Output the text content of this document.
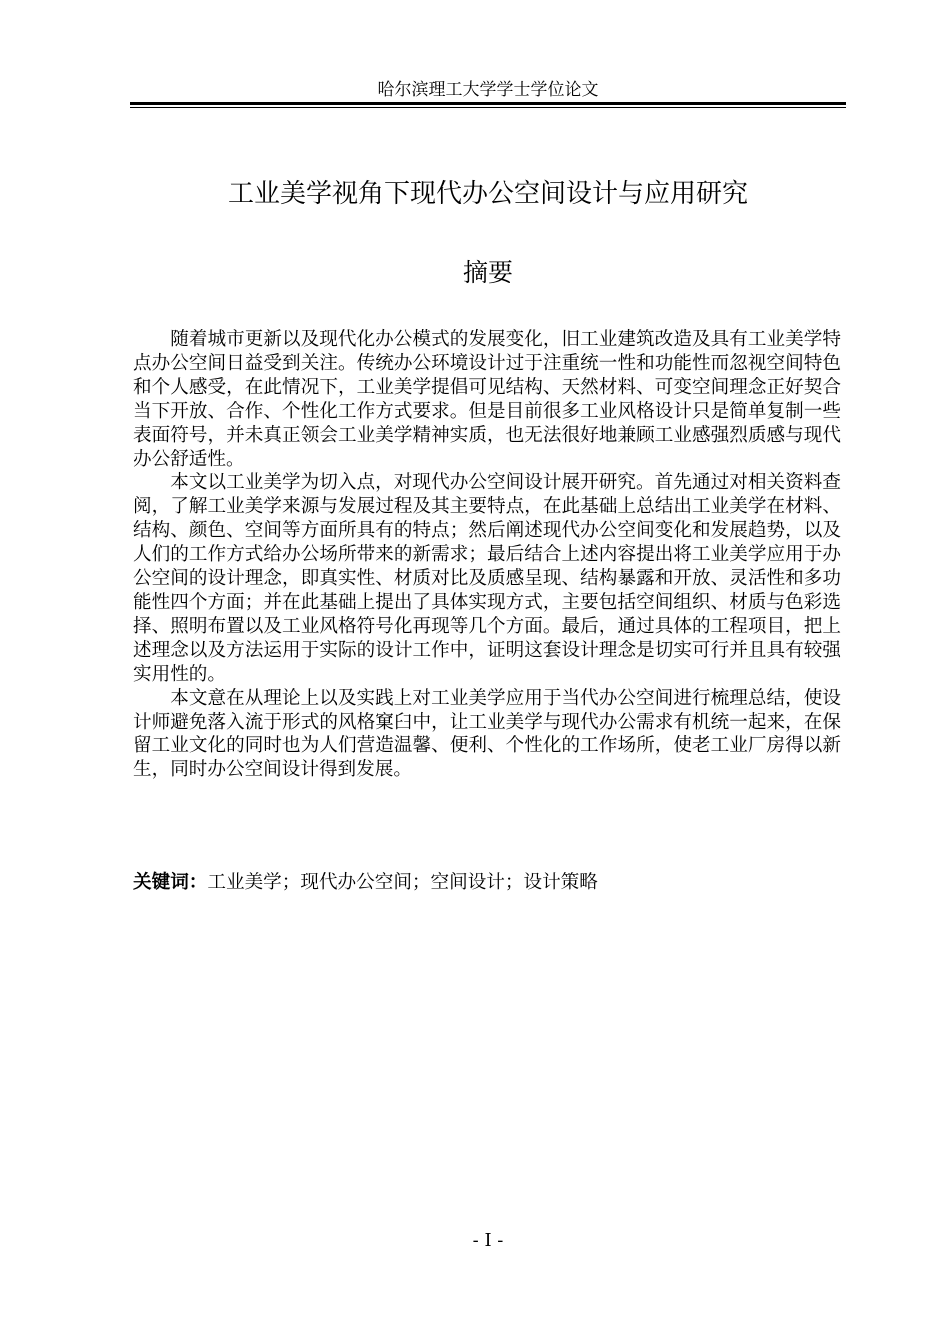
哈尔滨理工大学学士学位论文
工业美学视角下现代办公空间设计与应用研究
摘要

随着城市更新以及现代化办公模式的发展变化，旧工业建筑改造及具有工业美学特点办公空间日益受到关注。传统办公环境设计过于注重统一性和功能性而忽视空间特色和个人感受，在此情况下，工业美学提倡可见结构、天然材料、可变空间理念正好契合当下开放、合作、个性化工作方式要求。但是目前很多工业风格设计只是简单复制一些表面符号，并未真正领会工业美学精神实质，也无法很好地兼顾工业感强烈质感与现代办公舒适性。

本文以工业美学为切入点，对现代办公空间设计展开研究。首先通过对相关资料查阅，了解工业美学来源与发展过程及其主要特点，在此基础上总结出工业美学在材料、结构、颜色、空间等方面所具有的特点；然后阐述现代办公空间变化和发展趋势，以及人们的工作方式给办公场所带来的新需求；最后结合上述内容提出将工业美学应用于办公空间的设计理念，即真实性、材质对比及质感呈现、结构暴露和开放、灵活性和多功能性四个方面；并在此基础上提出了具体实现方式，主要包括空间组织、材质与色彩选择、照明布置以及工业风格符号化再现等几个方面。最后，通过具体的工程项目，把上述理念以及方法运用于实际的设计工作中，证明这套设计理念是切实可行并且具有较强实用性的。

本文意在从理论上以及实践上对工业美学应用于当代办公空间进行梳理总结，使设计师避免落入流于形式的风格窠臼中，让工业美学与现代办公需求有机统一起来，在保留工业文化的同时也为人们营造温馨、便利、个性化的工作场所，使老工业厂房得以新生，同时办公空间设计得到发展。

关键词：工业美学；现代办公空间；空间设计；设计策略
- I -
